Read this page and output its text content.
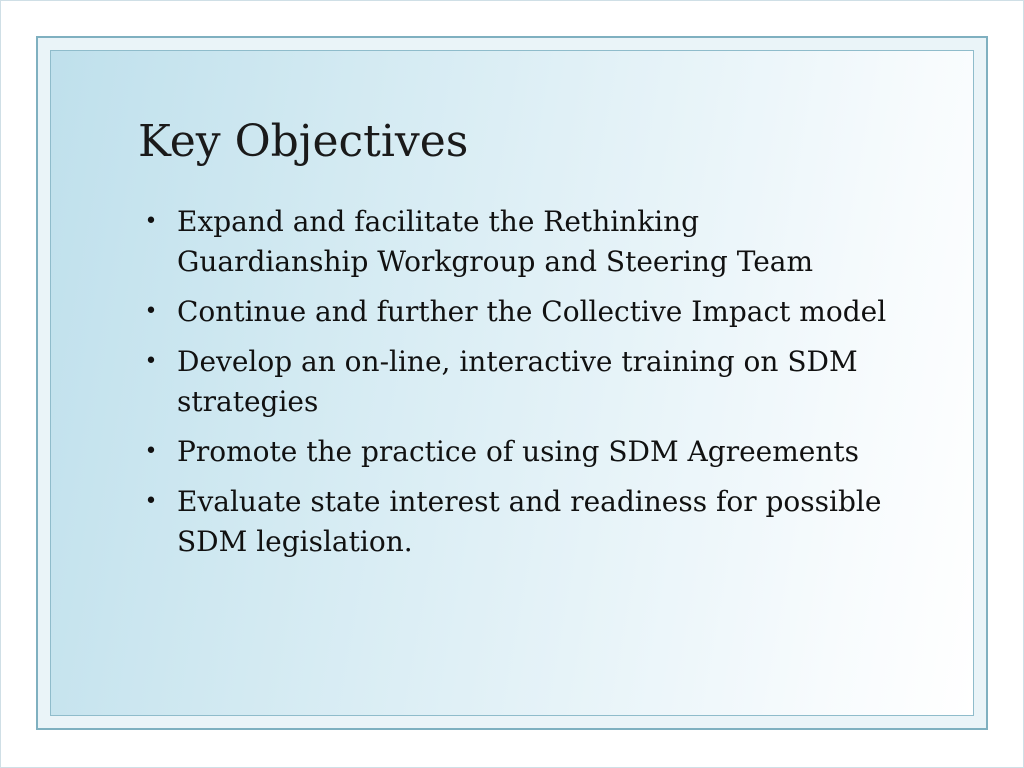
Key Objectives
• Expand and facilitate the Rethinking Guardianship Workgroup and Steering Team
• Continue and further the Collective Impact model
• Develop an on-line, interactive training on SDM strategies
• Promote the practice of using SDM Agreements
• Evaluate state interest and readiness for possible SDM legislation.
